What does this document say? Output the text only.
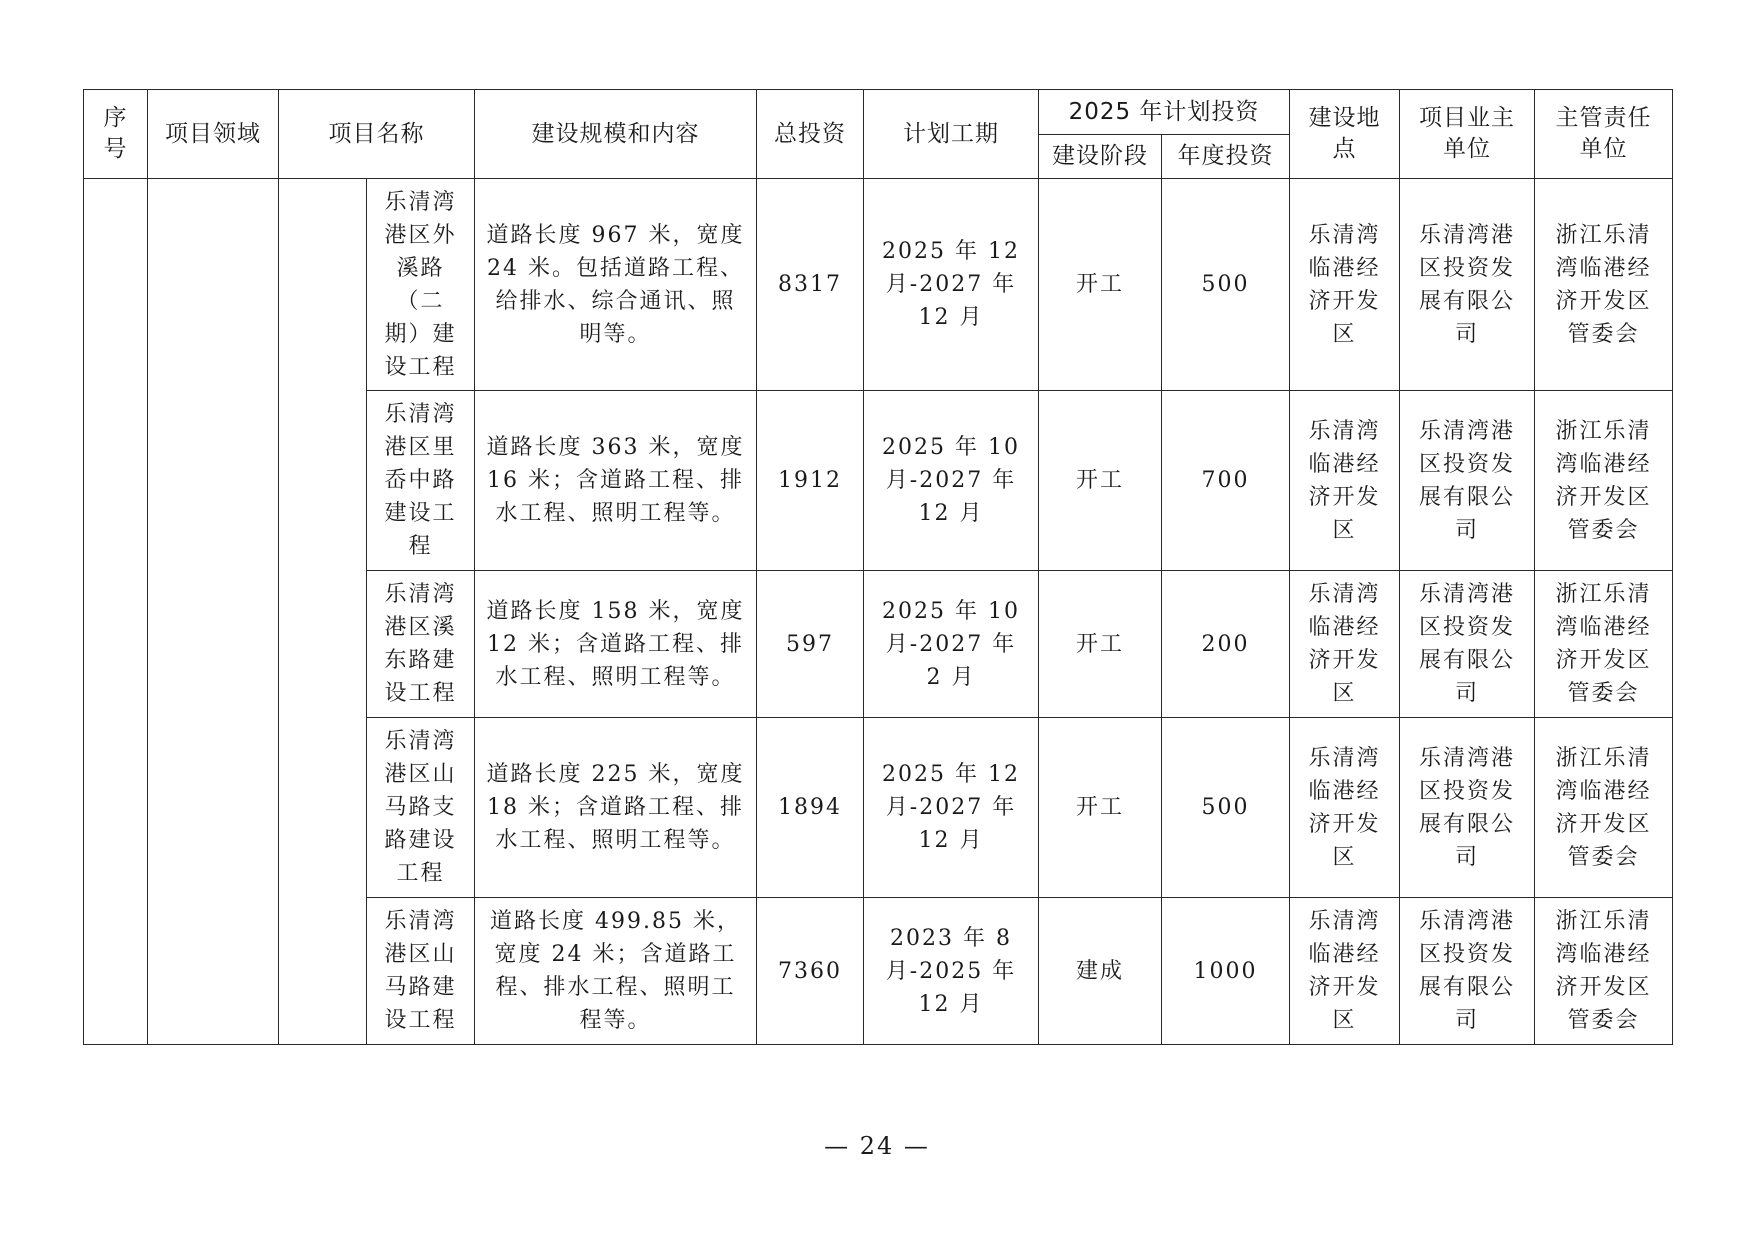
序号	项目领域	项目名称		建设规模和内容	总投资	计划工期	2025 年计划投资		建设地点	项目业主单位	主管责任单位
							建设阶段	年度投资			
			乐清湾港区外溪路（二期）建设工程	道路长度 967 米，宽度 24 米。包括道路工程、给排水、综合通讯、照明等。	8317	2025 年 12 月-2027 年 12 月	开工	500	乐清湾临港经济开发区	乐清湾港区投资发展有限公司	浙江乐清湾临港经济开发区管委会
			乐清湾港区里岙中路建设工程	道路长度 363 米，宽度 16 米；含道路工程、排水工程、照明工程等。	1912	2025 年 10 月-2027 年 12 月	开工	700	乐清湾临港经济开发区	乐清湾港区投资发展有限公司	浙江乐清湾临港经济开发区管委会
			乐清湾港区溪东路建设工程	道路长度 158 米，宽度 12 米；含道路工程、排水工程、照明工程等。	597	2025 年 10 月-2027 年 2 月	开工	200	乐清湾临港经济开发区	乐清湾港区投资发展有限公司	浙江乐清湾临港经济开发区管委会
			乐清湾港区山马路支路建设工程	道路长度 225 米，宽度 18 米；含道路工程、排水工程、照明工程等。	1894	2025 年 12 月-2027 年 12 月	开工	500	乐清湾临港经济开发区	乐清湾港区投资发展有限公司	浙江乐清湾临港经济开发区管委会
			乐清湾港区山马路建设工程	道路长度 499.85 米，宽度 24 米；含道路工程、排水工程、照明工程等。	7360	2023 年 8 月-2025 年 12 月	建成	1000	乐清湾临港经济开发区	乐清湾港区投资发展有限公司	浙江乐清湾临港经济开发区管委会
— 24 —
